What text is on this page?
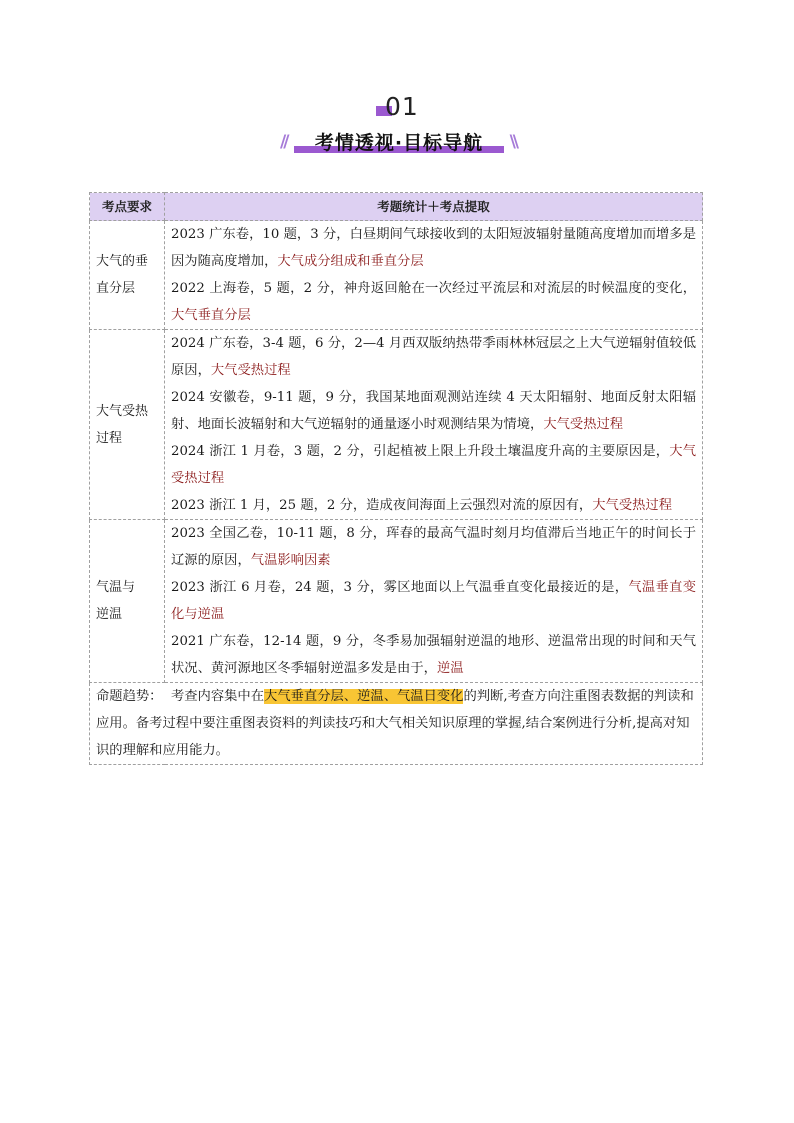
01
//	\\
考情透视·目标导航
考点要求	考题统计＋考点提取
大气的垂
直分层	2023 广东卷，10 题，3 分，白昼期间气球接收到的太阳短波辐射量随高度增加而增多是因为随高度增加，大气成分组成和垂直分层
2022 上海卷，5 题，2 分，神舟返回舱在一次经过平流层和对流层的时候温度的变化，大气垂直分层

大气受热
过程	2024 广东卷，3-4 题，6 分，2—4 月西双版纳热带季雨林林冠层之上大气逆辐射值较低原因，大气受热过程
2024 安徽卷，9-11 题，9 分，我国某地面观测站连续 4 天太阳辐射、地面反射太阳辐射、地面长波辐射和大气逆辐射的通量逐小时观测结果为情境，大气受热过程
2024 浙江 1 月卷，3 题，2 分，引起植被上限上升段土壤温度升高的主要原因是，大气受热过程
2023 浙江 1 月，25 题，2 分，造成夜间海面上云强烈对流的原因有，大气受热过程

气温与
逆温	2023 全国乙卷，10-11 题，8 分，珲春的最高气温时刻月均值滞后当地正午的时间长于辽源的原因，气温影响因素
2023 浙江 6 月卷，24 题，3 分，雾区地面以上气温垂直变化最接近的是，气温垂直变化与逆温
2021 广东卷，12-14 题，9 分，冬季易加强辐射逆温的地形、逆温常出现的时间和天气状况、黄河源地区冬季辐射逆温多发是由于，逆温

命题趋势： 考查内容集中在大气垂直分层、逆温、气温日变化的判断,考查方向注重图表数据的判读和应用。备考过程中要注重图表资料的判读技巧和大气相关知识原理的掌握,结合案例进行分析,提高对知识的理解和应用能力。	
